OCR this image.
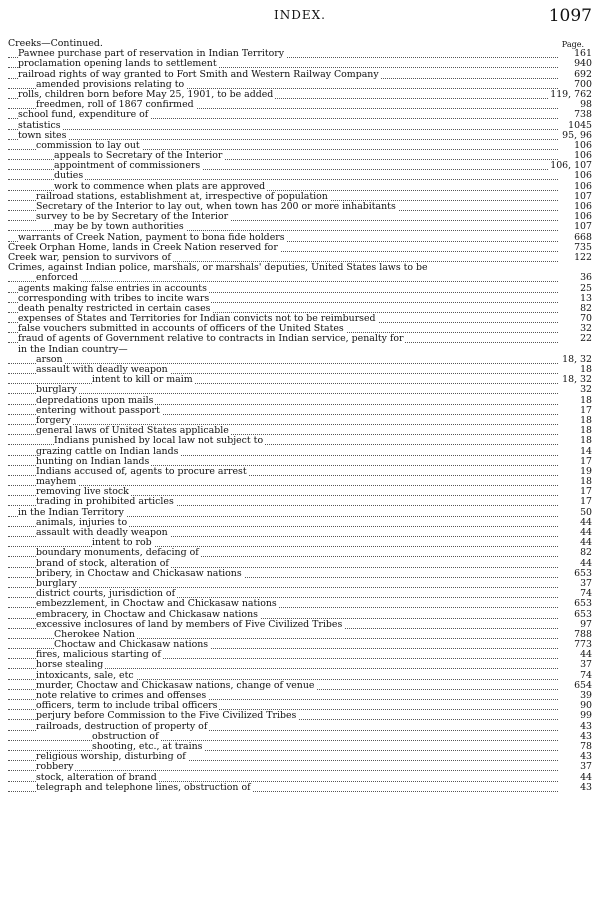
INDEX.	1097
Page.
Creeks—Continued.
Pawnee purchase part of reservation in Indian Territory	161
proclamation opening lands to settlement	940
railroad rights of way granted to Fort Smith and Western Railway Company	692
amended provisions relating to	700
rolls, children born before May 25, 1901, to be added	119, 762
freedmen, roll of 1867 confirmed	98
school fund, expenditure of	738
statistics	1045
town sites	95, 96
commission to lay out	106
appeals to Secretary of the Interior	106
appointment of commissioners	106, 107
duties	106
work to commence when plats are approved	106
railroad stations, establishment at, irrespective of population	107
Secretary of the Interior to lay out, when town has 200 or more inhabitants	106
survey to be by Secretary of the Interior	106
may be by town authorities	107
warrants of Creek Nation, payment to bona fide holders	668
Creek Orphan Home, lands in Creek Nation reserved for	735
Creek war, pension to survivors of	122
Crimes, against Indian police, marshals, or marshals' deputies, United States laws to be
enforced	36
agents making false entries in accounts	25
corresponding with tribes to incite wars	13
death penalty restricted in certain cases	82
expenses of States and Territories for Indian convicts not to be reimbursed	70
false vouchers submitted in accounts of officers of the United States	32
fraud of agents of Government relative to contracts in Indian service, penalty for	22
in the Indian country—
arson	18, 32
assault with deadly weapon	18
intent to kill or maim	18, 32
burglary	32
depredations upon mails	18
entering without passport	17
forgery	18
general laws of United States applicable	18
Indians punished by local law not subject to	18
grazing cattle on Indian lands	14
hunting on Indian lands	17
Indians accused of, agents to procure arrest	19
mayhem	18
removing live stock	17
trading in prohibited articles	17
in the Indian Territory	50
animals, injuries to	44
assault with deadly weapon	44
intent to rob	44
boundary monuments, defacing of	82
brand of stock, alteration of	44
bribery, in Choctaw and Chickasaw nations	653
burglary	37
district courts, jurisdiction of	74
embezzlement, in Choctaw and Chickasaw nations	653
embracery, in Choctaw and Chickasaw nations	653
excessive inclosures of land by members of Five Civilized Tribes	97
Cherokee Nation	788
Choctaw and Chickasaw nations	773
fires, malicious starting of	44
horse stealing	37
intoxicants, sale, etc	74
murder, Choctaw and Chickasaw nations, change of venue	654
note relative to crimes and offenses	39
officers, term to include tribal officers	90
perjury before Commission to the Five Civilized Tribes	99
railroads, destruction of property of	43
obstruction of	43
shooting, etc., at trains	78
religious worship, disturbing of	43
robbery	37
stock, alteration of brand	44
telegraph and telephone lines, obstruction of	43
